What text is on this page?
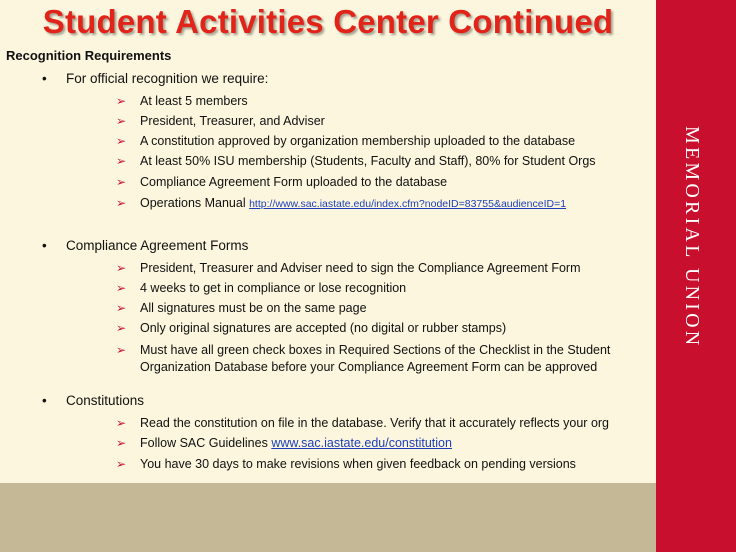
MEMORIAL UNION
Student Activities Center Continued
Recognition Requirements
• For official recognition we require:
➢ At least 5 members
➢ President, Treasurer, and Adviser
➢ A constitution approved by organization membership uploaded to the database
➢ At least 50% ISU membership (Students, Faculty and Staff), 80% for Student Orgs
➢ Compliance Agreement Form uploaded to the database
➢ Operations Manual http://www.sac.iastate.edu/index.cfm?nodeID=83755&audienceID=1
• Compliance Agreement Forms
➢ President, Treasurer and Adviser need to sign the Compliance Agreement Form
➢ 4 weeks to get in compliance or lose recognition
➢ All signatures must be on the same page
➢ Only original signatures are accepted (no digital or rubber stamps)
➢ Must have all green check boxes in Required Sections of the Checklist in the Student
Organization Database before your Compliance Agreement Form can be approved
• Constitutions
➢ Read the constitution on file in the database. Verify that it accurately reflects your org
➢ Follow SAC Guidelines www.sac.iastate.edu/constitution
➢ You have 30 days to make revisions when given feedback on pending versions
